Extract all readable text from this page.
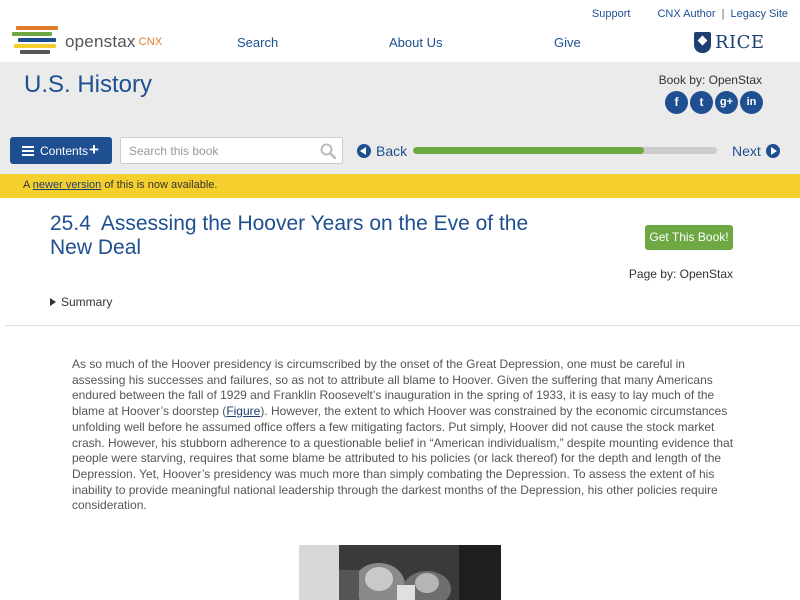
openstax CNX
Support CNX Author | Legacy Site
Search	About Us	Give	RICE
U.S. History	Book by: OpenStax
f	t	g+	in
Contents +
Search this book	Back	Next
A newer version of this is now available.
25.4 Assessing the Hoover Years on the Eve of the New Deal	Get This Book!
Page by: OpenStax
Summary

As so much of the Hoover presidency is circumscribed by the onset of the Great Depression, one must be careful in assessing his successes and failures, so as not to attribute all blame to Hoover. Given the suffering that many Americans endured between the fall of 1929 and Franklin Roosevelt’s inauguration in the spring of 1933, it is easy to lay much of the blame at Hoover’s doorstep (Figure). However, the extent to which Hoover was constrained by the economic circumstances unfolding well before he assumed office offers a few mitigating factors. Put simply, Hoover did not cause the stock market crash. However, his stubborn adherence to a questionable belief in “American individualism,” despite mounting evidence that people were starving, requires that some blame be attributed to his policies (or lack thereof) for the depth and length of the Depression. Yet, Hoover’s presidency was much more than simply combating the Depression. To assess the extent of his inability to provide meaningful national leadership through the darkest months of the Depression, his other policies require consideration.
